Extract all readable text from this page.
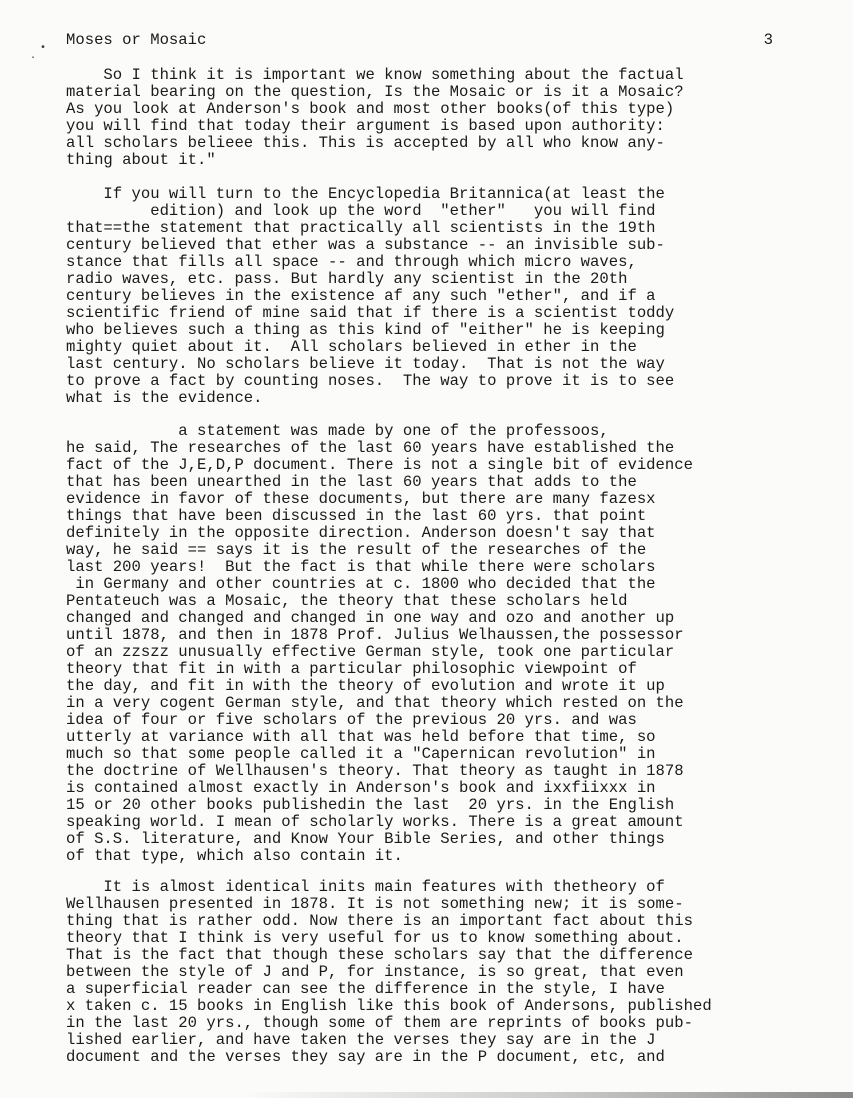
•
·
Moses or Mosaic	3
So I think it is important we know something about the factual
material bearing on the question, Is the Mosaic or is it a Mosaic?
As you look at Anderson's book and most other books(of this type)
you will find that today their argument is based upon authority:
all scholars belieee this. This is accepted by all who know any-
thing about it."
If you will turn to the Encyclopedia Britannica(at least the
edition) and look up the word  "ether"   you will find
that==the statement that practically all scientists in the 19th
century believed that ether was a substance -- an invisible sub-
stance that fills all space -- and through which micro waves,
radio waves, etc. pass. But hardly any scientist in the 20th
century believes in the existence af any such "ether", and if a
scientific friend of mine said that if there is a scientist toddy
who believes such a thing as this kind of "either" he is keeping
mighty quiet about it.  All scholars believed in ether in the
last century. No scholars believe it today.  That is not the way
to prove a fact by counting noses.  The way to prove it is to see
what is the evidence.
a statement was made by one of the professoos,
he said, The researches of the last 60 years have established the
fact of the J,E,D,P document. There is not a single bit of evidence
that has been unearthed in the last 60 years that adds to the
evidence in favor of these documents, but there are many fazesx
things that have been discussed in the last 60 yrs. that point
definitely in the opposite direction. Anderson doesn't say that
way, he said == says it is the result of the researches of the
last 200 years!  But the fact is that while there were scholars
in Germany and other countries at c. 1800 who decided that the
Pentateuch was a Mosaic, the theory that these scholars held
changed and changed and changed in one way and ozo and another up
until 1878, and then in 1878 Prof. Julius Welhaussen,the possessor
of an zzszz unusually effective German style, took one particular
theory that fit in with a particular philosophic viewpoint of
the day, and fit in with the theory of evolution and wrote it up
in a very cogent German style, and that theory which rested on the
idea of four or five scholars of the previous 20 yrs. and was
utterly at variance with all that was held before that time, so
much so that some people called it a "Capernican revolution" in
the doctrine of Wellhausen's theory. That theory as taught in 1878
is contained almost exactly in Anderson's book and ixxfiixxx in
15 or 20 other books publishedin the last  20 yrs. in the English
speaking world. I mean of scholarly works. There is a great amount
of S.S. literature, and Know Your Bible Series, and other things
of that type, which also contain it.
It is almost identical inits main features with thetheory of
Wellhausen presented in 1878. It is not something new; it is some-
thing that is rather odd. Now there is an important fact about this
theory that I think is very useful for us to know something about.
That is the fact that though these scholars say that the difference
between the style of J and P, for instance, is so great, that even
a superficial reader can see the difference in the style, I have
x taken c. 15 books in English like this book of Andersons, published
in the last 20 yrs., though some of them are reprints of books pub-
lished earlier, and have taken the verses they say are in the J
document and the verses they say are in the P document, etc, and
